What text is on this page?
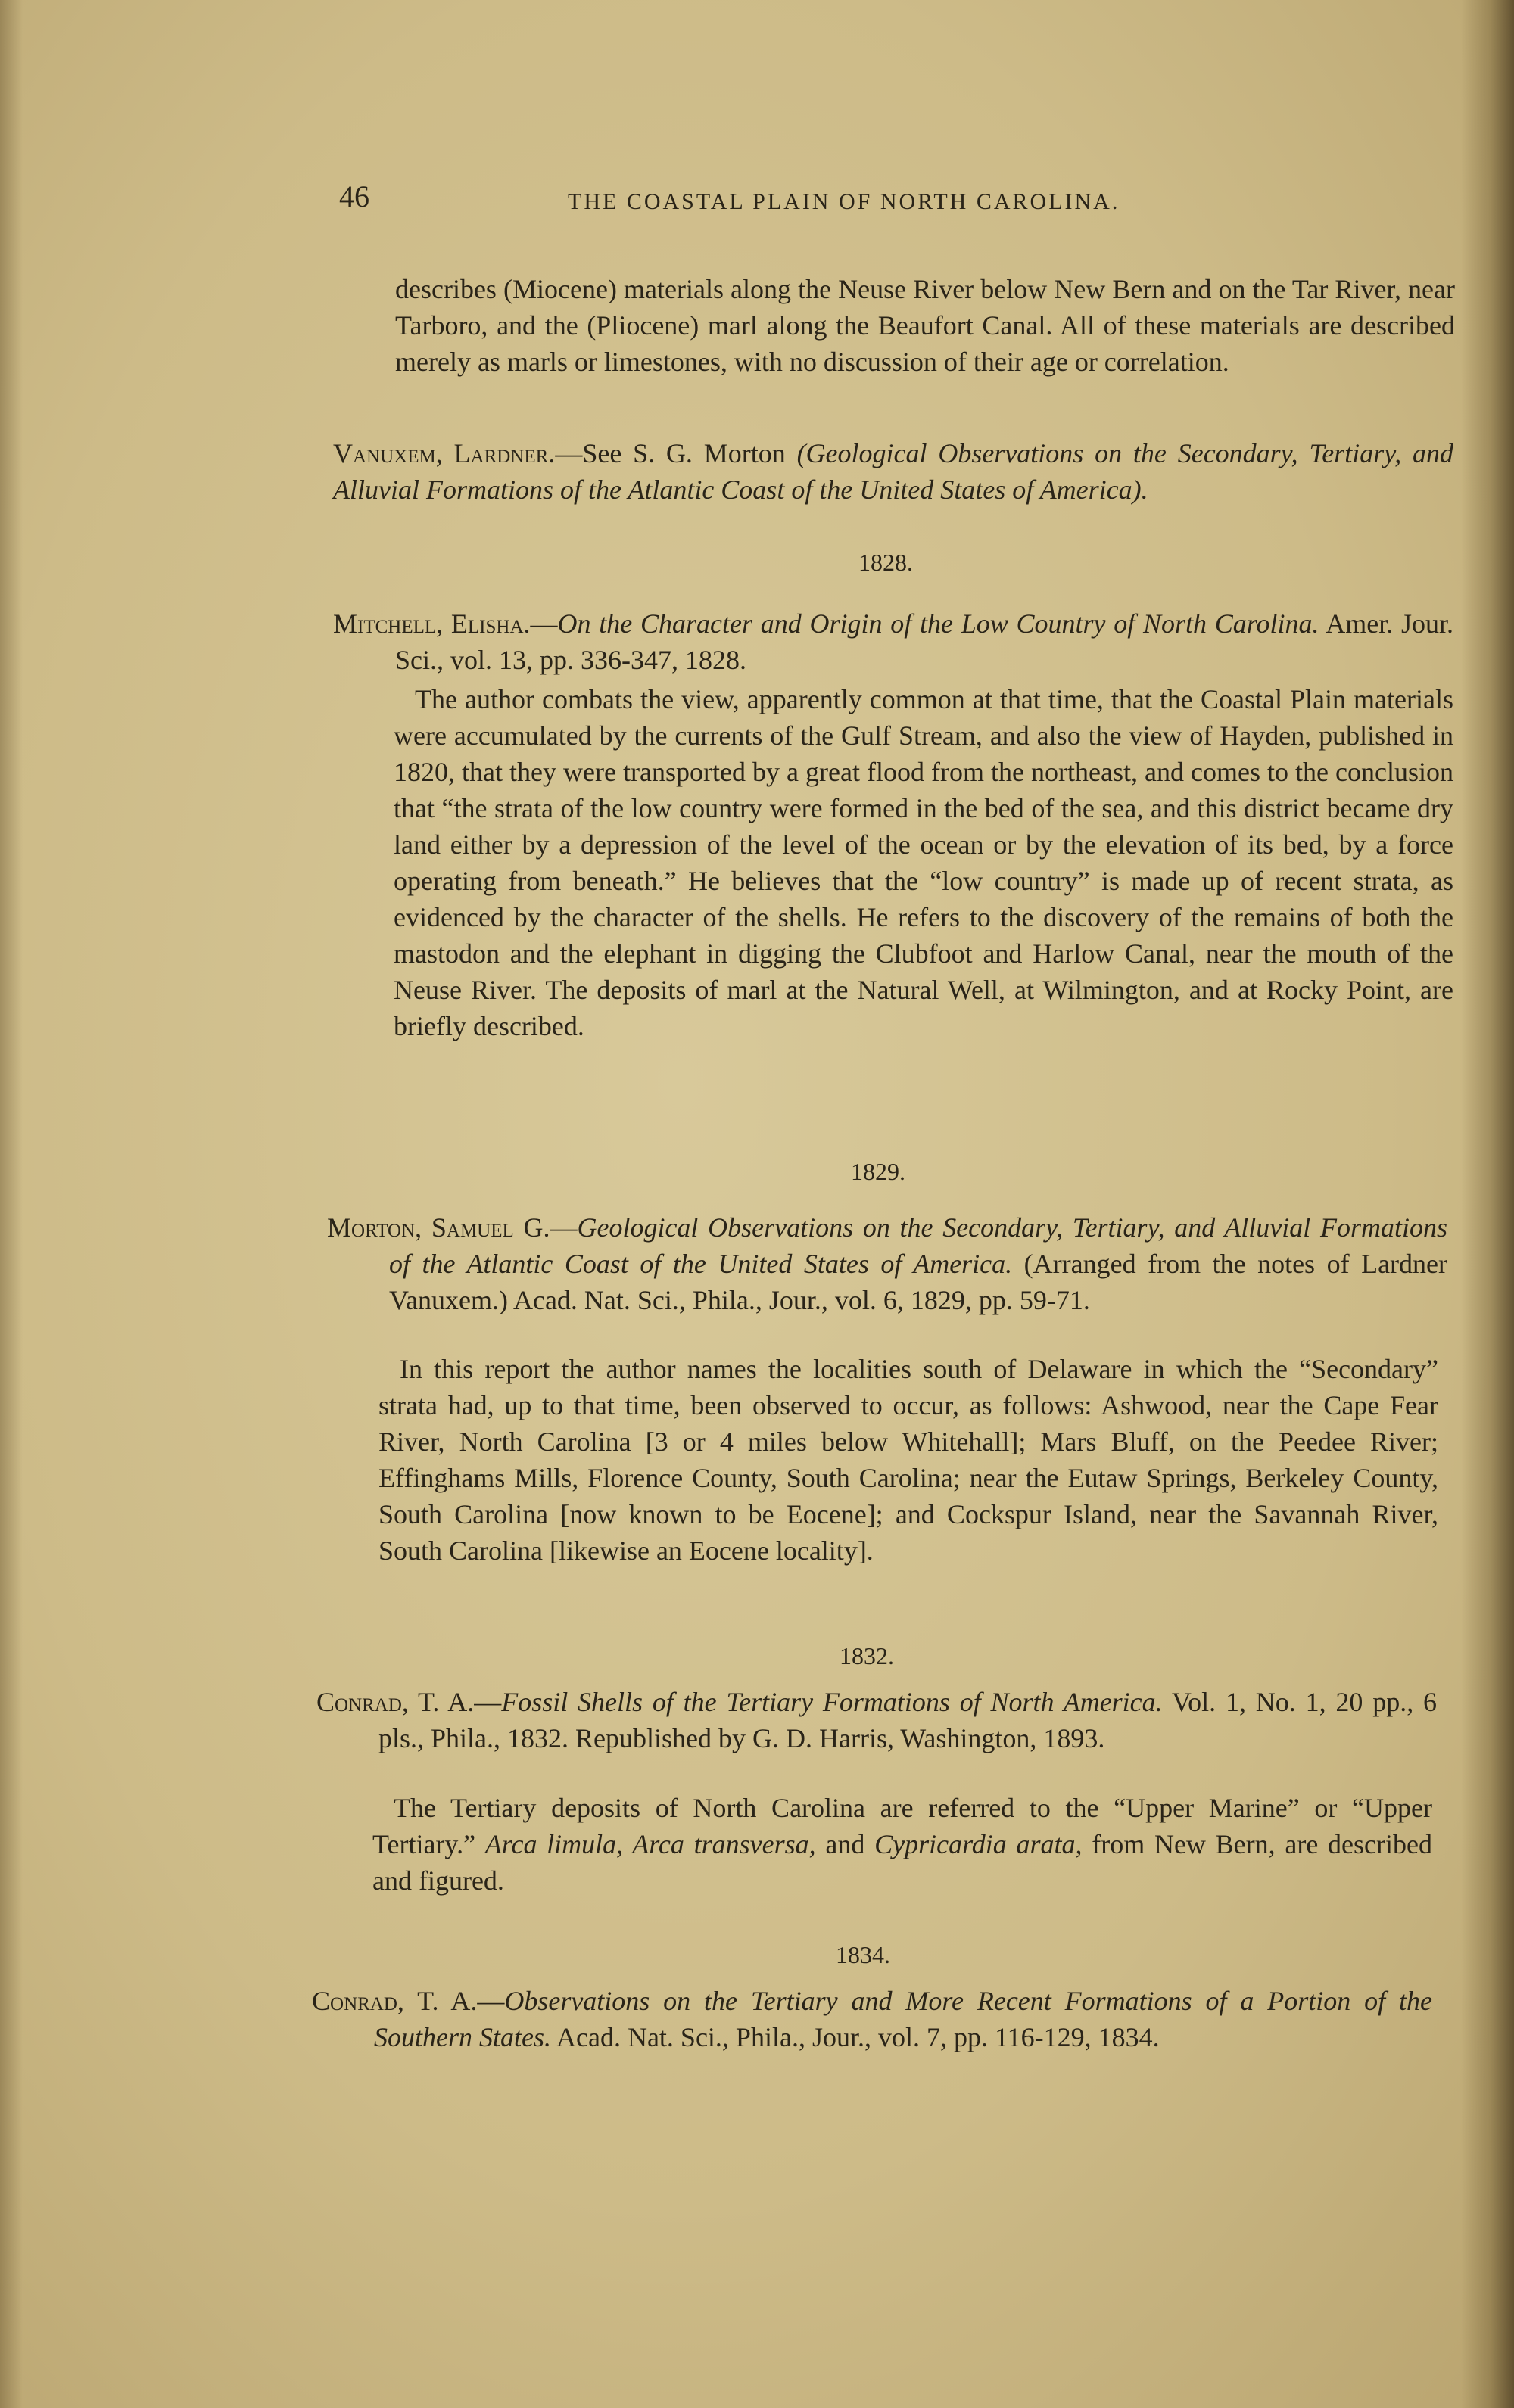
46	THE COASTAL PLAIN OF NORTH CAROLINA.
describes (Miocene) materials along the Neuse River below New Bern and on the Tar River, near Tarboro, and the (Pliocene) marl along the Beaufort Canal. All of these materials are described merely as marls or limestones, with no discussion of their age or correlation.
Vanuxem, Lardner.—See S. G. Morton (Geological Observations on the Secondary, Tertiary, and Alluvial Formations of the Atlantic Coast of the United States of America).
1828.
Mitchell, Elisha.—On the Character and Origin of the Low Country of North Carolina. Amer. Jour. Sci., vol. 13, pp. 336-347, 1828.
The author combats the view, apparently common at that time, that the Coastal Plain materials were accumulated by the currents of the Gulf Stream, and also the view of Hayden, published in 1820, that they were transported by a great flood from the northeast, and comes to the conclusion that “the strata of the low country were formed in the bed of the sea, and this district became dry land either by a depression of the level of the ocean or by the elevation of its bed, by a force operating from beneath.” He believes that the “low country” is made up of recent strata, as evidenced by the character of the shells. He refers to the discovery of the remains of both the mastodon and the elephant in digging the Clubfoot and Harlow Canal, near the mouth of the Neuse River. The deposits of marl at the Natural Well, at Wilmington, and at Rocky Point, are briefly described.
1829.
Morton, Samuel G.—Geological Observations on the Secondary, Tertiary, and Alluvial Formations of the Atlantic Coast of the United States of America. (Arranged from the notes of Lardner Vanuxem.) Acad. Nat. Sci., Phila., Jour., vol. 6, 1829, pp. 59-71.
In this report the author names the localities south of Delaware in which the “Secondary” strata had, up to that time, been observed to occur, as follows: Ashwood, near the Cape Fear River, North Carolina [3 or 4 miles below Whitehall]; Mars Bluff, on the Peedee River; Effinghams Mills, Florence County, South Carolina; near the Eutaw Springs, Berkeley County, South Carolina [now known to be Eocene]; and Cockspur Island, near the Savannah River, South Carolina [likewise an Eocene locality].
1832.
Conrad, T. A.—Fossil Shells of the Tertiary Formations of North America. Vol. 1, No. 1, 20 pp., 6 pls., Phila., 1832. Republished by G. D. Harris, Washington, 1893.
The Tertiary deposits of North Carolina are referred to the “Upper Marine” or “Upper Tertiary.” Arca limula, Arca transversa, and Cypricardia arata, from New Bern, are described and figured.
1834.
Conrad, T. A.—Observations on the Tertiary and More Recent Formations of a Portion of the Southern States. Acad. Nat. Sci., Phila., Jour., vol. 7, pp. 116-129, 1834.
